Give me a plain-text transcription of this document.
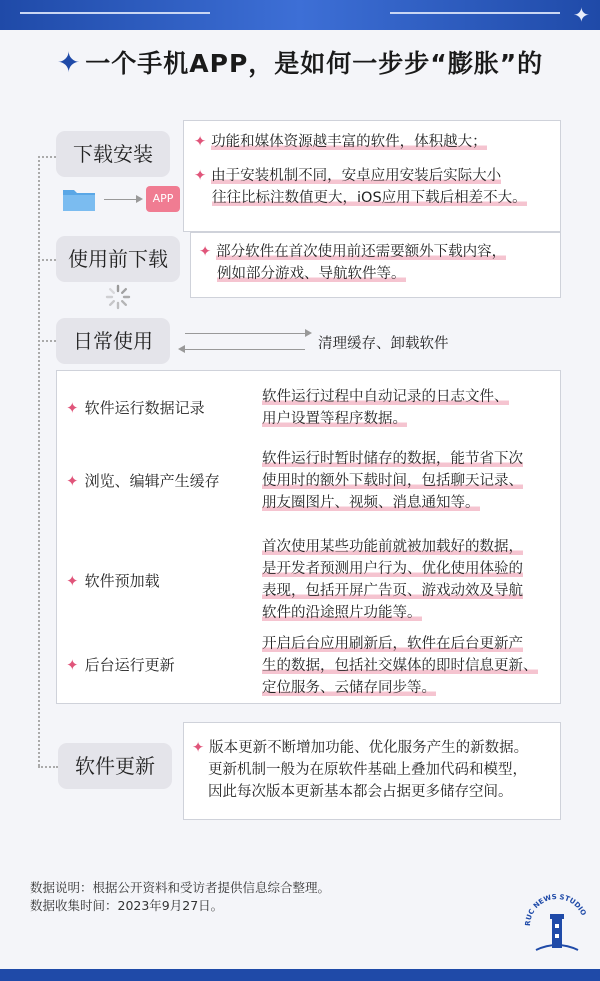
✦
✦ 一个手机APP，是如何一步步“膨胀”的
下载安装
APP
✦ 功能和媒体资源越丰富的软件，体积越大；
✦ 由于安装机制不同，安卓应用安装后实际大小
往往比标注数值更大，iOS应用下载后相差不大。
使用前下载	✦ 部分软件在首次使用前还需要额外下载内容，
例如部分游戏、导航软件等。
日常使用	清理缓存、卸载软件
✦ 软件运行数据记录
软件运行过程中自动记录的日志文件、
用户设置等程序数据。
✦ 浏览、编辑产生缓存
软件运行时暂时储存的数据，能节省下次
使用时的额外下载时间，包括聊天记录、
朋友圈图片、视频、消息通知等。
✦ 软件预加载
首次使用某些功能前就被加载好的数据，
是开发者预测用户行为、优化使用体验的
表现，包括开屏广告页、游戏动效及导航
软件的沿途照片功能等。
✦ 后台运行更新
开启后台应用刷新后，软件在后台更新产
生的数据，包括社交媒体的即时信息更新、
定位服务、云储存同步等。
软件更新
✦ 版本更新不断增加功能、优化服务产生的新数据。
更新机制一般为在原软件基础上叠加代码和模型，
因此每次版本更新基本都会占据更多储存空间。
数据说明：根据公开资料和受访者提供信息综合整理。
数据收集时间：2023年9月27日。
RUC NEWS STUDIO
